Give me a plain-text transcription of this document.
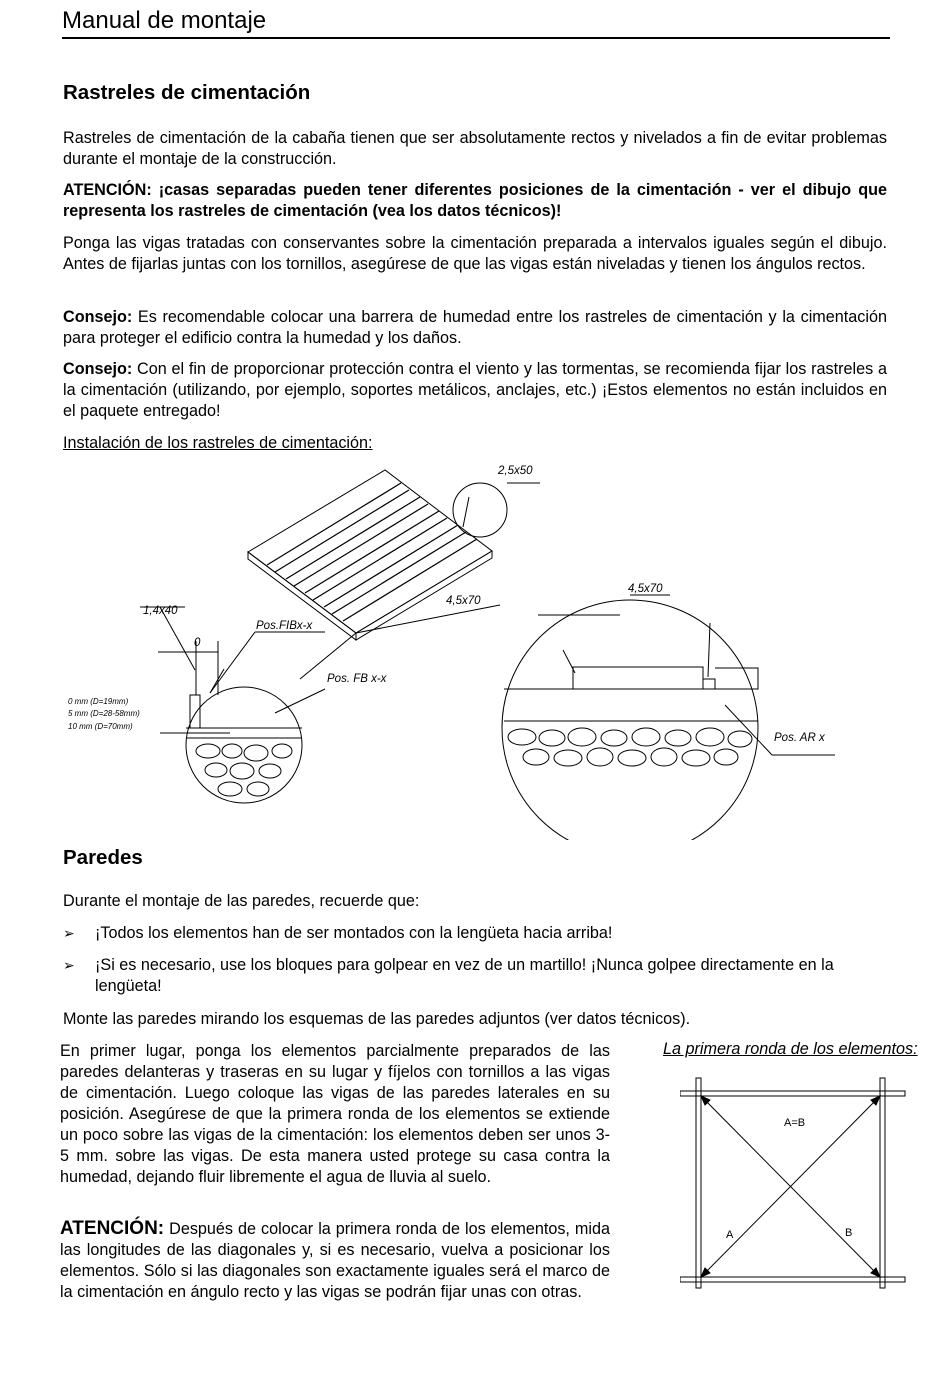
Manual de montaje
Rastreles de cimentación

Rastreles de cimentación de la cabaña tienen que ser absolutamente rectos y nivelados a fin de evitar problemas durante el montaje de la construcción.

ATENCIÓN: ¡casas separadas pueden tener diferentes posiciones de la cimentación - ver el dibujo que representa los rastreles de cimentación (vea los datos técnicos)!

Ponga las vigas tratadas con conservantes sobre la cimentación preparada a intervalos iguales según el dibujo. Antes de fijarlas juntas con los tornillos, asegúrese de que las vigas están niveladas y tienen los ángulos rectos.

Consejo: Es recomendable colocar una barrera de humedad entre los rastreles de cimentación y la cimentación para proteger el edificio contra la humedad y los daños.

Consejo: Con el fin de proporcionar protección contra el viento y las tormentas, se recomienda fijar los rastreles a la cimentación (utilizando, por ejemplo, soportes metálicos, anclajes, etc.) ¡Estos elementos no están incluidos en el paquete entregado!

Instalación de los rastreles de cimentación:

2,5x50
4,5x70
4,5x70
1,4x40
0
Pos.FIBx-x
Pos. FB x-x
Pos. AR x
0 mm (D=19mm)
5 mm (D=28-58mm)
10 mm (D=70mm)
Paredes

Durante el montaje de las paredes, recuerde que:

➢ ¡Todos los elementos han de ser montados con la lengüeta hacia arriba!
➢ ¡Si es necesario, use los bloques para golpear en vez de un martillo! ¡Nunca golpee directamente en la lengüeta!

Monte las paredes mirando los esquemas de las paredes adjuntos (ver datos técnicos).

En primer lugar, ponga los elementos parcialmente preparados de las paredes delanteras y traseras en su lugar y fíjelos con tornillos a las vigas de cimentación. Luego coloque las vigas de las paredes laterales en su posición. Asegúrese de que la primera ronda de los elementos se extiende un poco sobre las vigas de la cimentación: los elementos deben ser unos 3-5 mm. sobre las vigas. De esta manera usted protege su casa contra la humedad, dejando fluir libremente el agua de lluvia al suelo.

ATENCIÓN: Después de colocar la primera ronda de los elementos, mida las longitudes de las diagonales y, si es necesario, vuelva a posicionar los elementos. Sólo si las diagonales son exactamente iguales será el marco de la cimentación en ángulo recto y las vigas se podrán fijar unas con otras.

La primera ronda de los elementos:
A=B
A	B
